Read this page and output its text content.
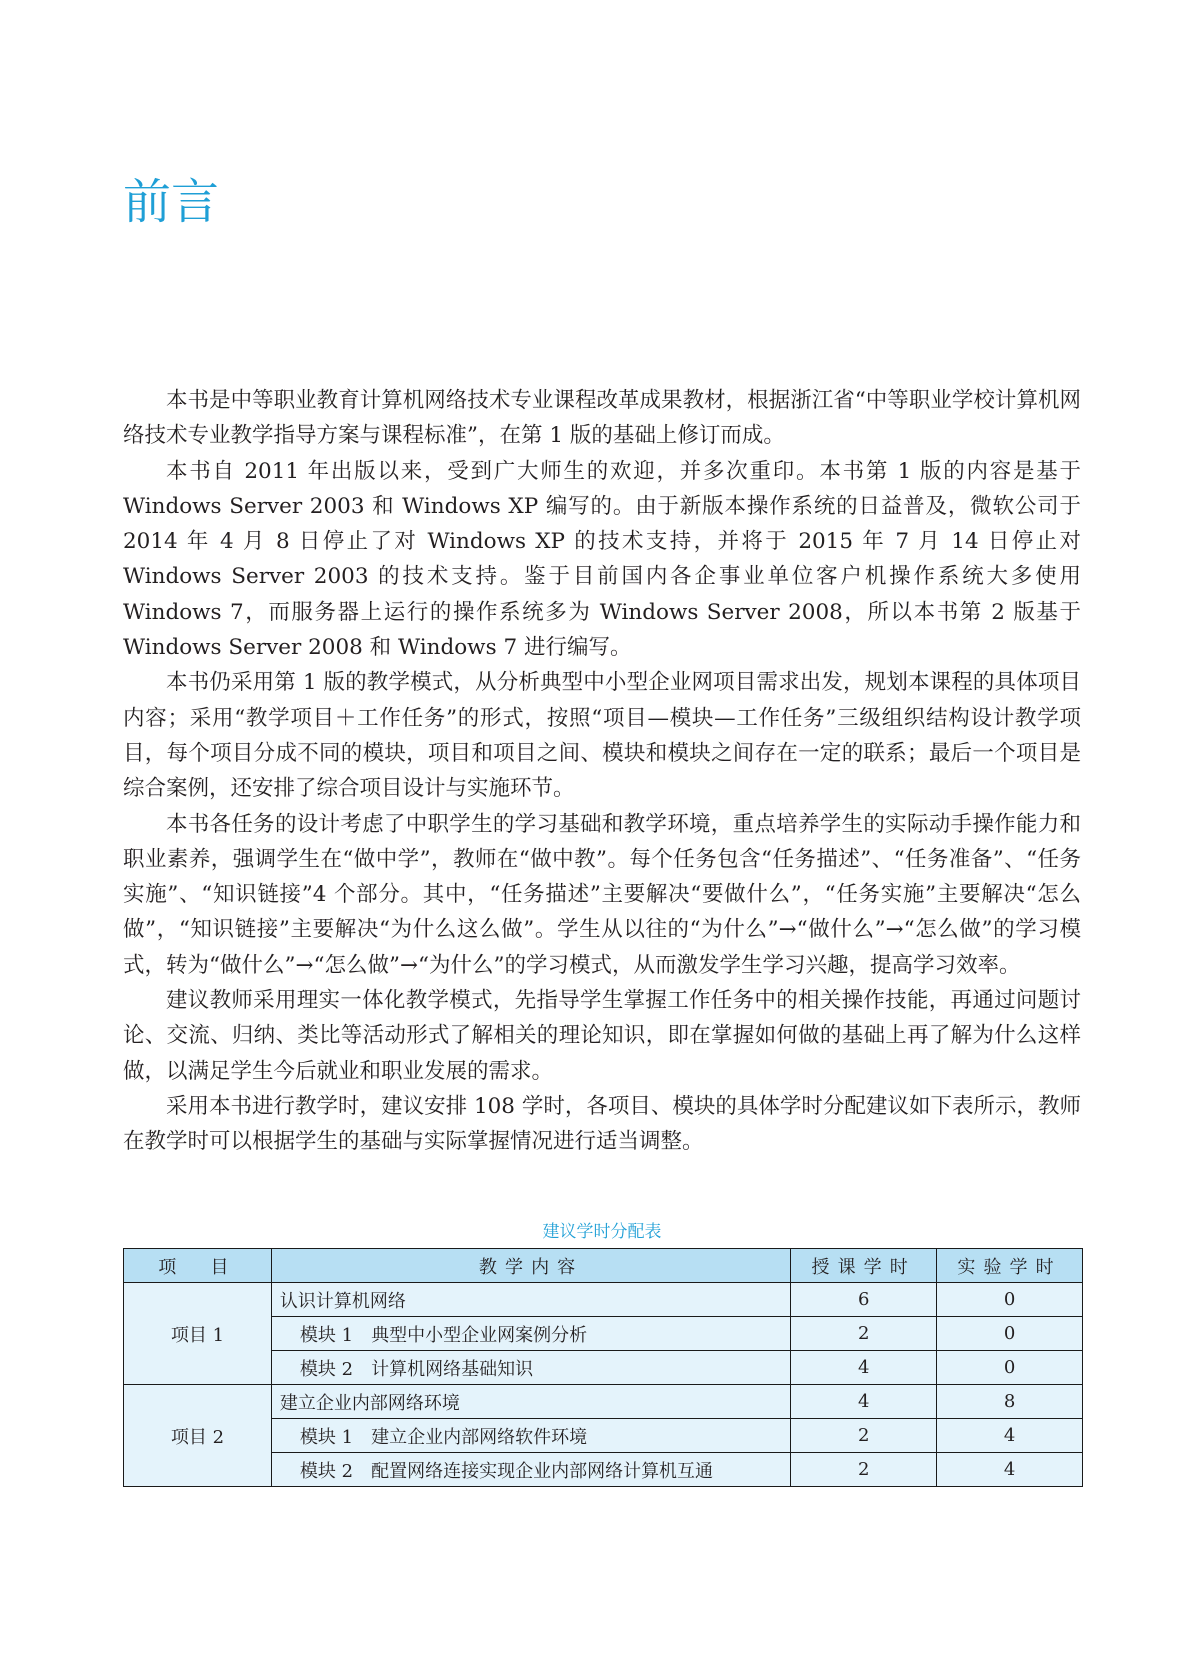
前言

本书是中等职业教育计算机网络技术专业课程改革成果教材，根据浙江省“中等职业学校计算机网络技术专业教学指导方案与课程标准”，在第 1 版的基础上修订而成。

本书自 2011 年出版以来，受到广大师生的欢迎，并多次重印。本书第 1 版的内容是基于 Windows Server 2003 和 Windows XP 编写的。由于新版本操作系统的日益普及，微软公司于 2014 年 4 月 8 日停止了对 Windows XP 的技术支持，并将于 2015 年 7 月 14 日停止对 Windows Server 2003 的技术支持。鉴于目前国内各企事业单位客户机操作系统大多使用 Windows 7，而服务器上运行的操作系统多为 Windows Server 2008，所以本书第 2 版基于 Windows Server 2008 和 Windows 7 进行编写。

本书仍采用第 1 版的教学模式，从分析典型中小型企业网项目需求出发，规划本课程的具体项目内容；采用“教学项目＋工作任务”的形式，按照“项目—模块—工作任务”三级组织结构设计教学项目，每个项目分成不同的模块，项目和项目之间、模块和模块之间存在一定的联系；最后一个项目是综合案例，还安排了综合项目设计与实施环节。

本书各任务的设计考虑了中职学生的学习基础和教学环境，重点培养学生的实际动手操作能力和职业素养，强调学生在“做中学”，教师在“做中教”。每个任务包含“任务描述”、“任务准备”、“任务实施”、“知识链接”4 个部分。其中，“任务描述”主要解决“要做什么”，“任务实施”主要解决“怎么做”，“知识链接”主要解决“为什么这么做”。学生从以往的“为什么”→“做什么”→“怎么做”的学习模式，转为“做什么”→“怎么做”→“为什么”的学习模式，从而激发学生学习兴趣，提高学习效率。

建议教师采用理实一体化教学模式，先指导学生掌握工作任务中的相关操作技能，再通过问题讨论、交流、归纳、类比等活动形式了解相关的理论知识，即在掌握如何做的基础上再了解为什么这样做，以满足学生今后就业和职业发展的需求。

采用本书进行教学时，建议安排 108 学时，各项目、模块的具体学时分配建议如下表所示，教师在教学时可以根据学生的基础与实际掌握情况进行适当调整。

建议学时分配表
项　目	教学内容	授课学时	实验学时
项目 1	认识计算机网络	6	0
	模块 1　典型中小型企业网案例分析	2	0
	模块 2　计算机网络基础知识	4	0
项目 2	建立企业内部网络环境	4	8
	模块 1　建立企业内部网络软件环境	2	4
	模块 2　配置网络连接实现企业内部网络计算机互通	2	4
